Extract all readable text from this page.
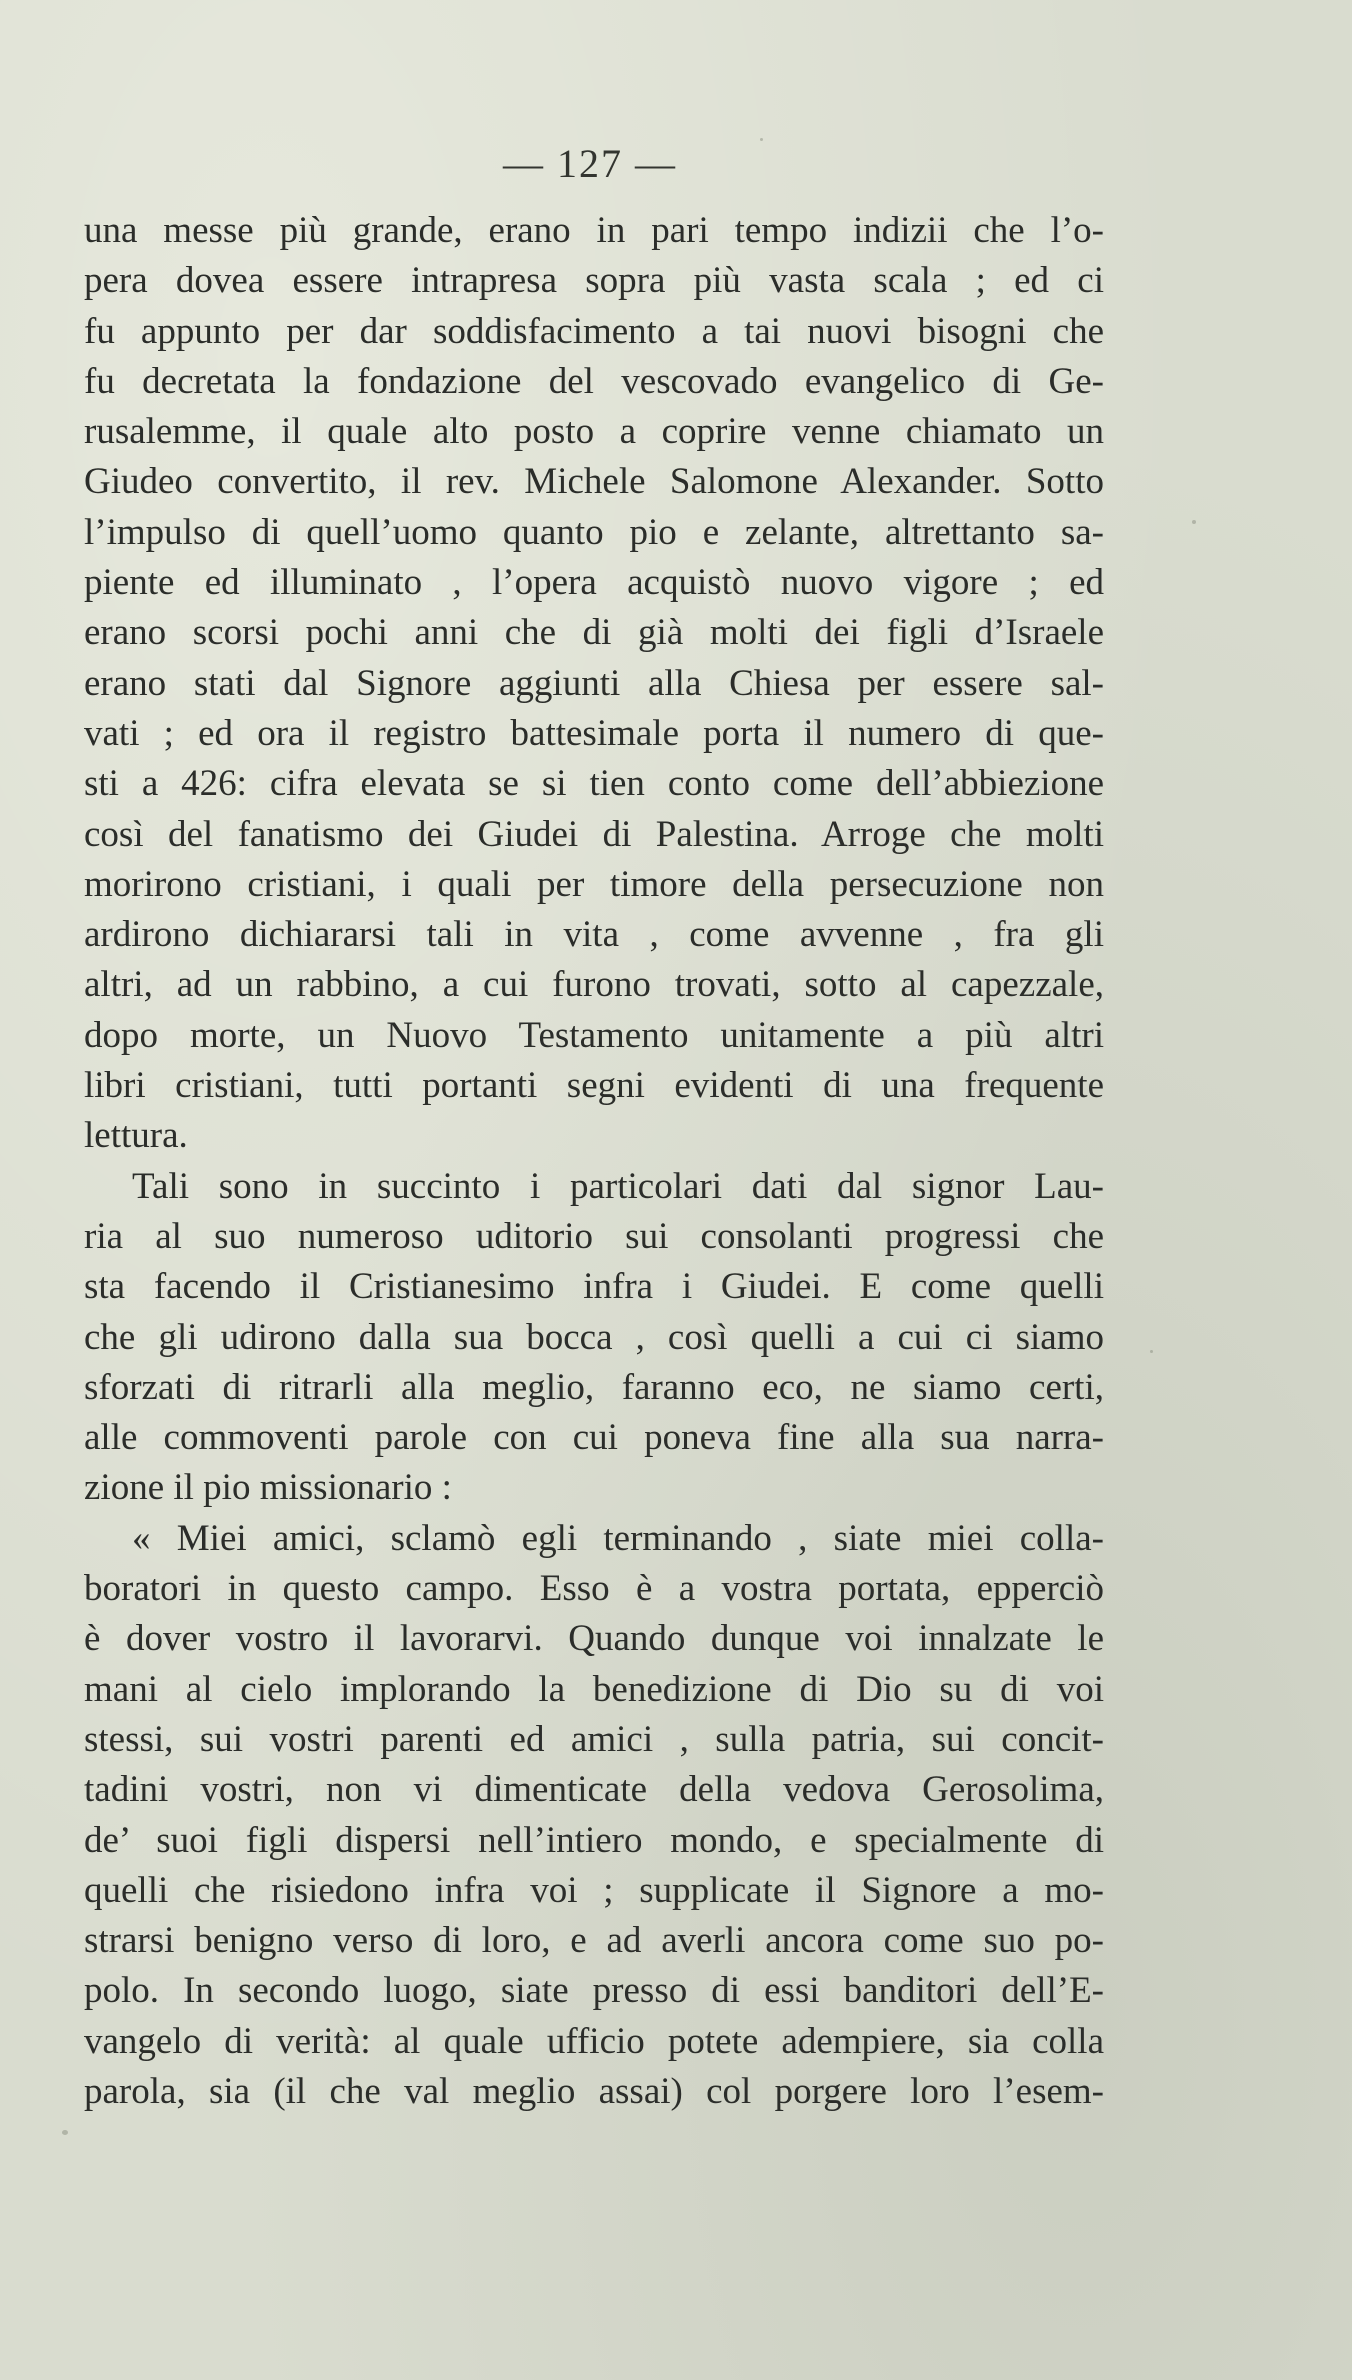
— 127 —
una messe più grande, erano in pari tempo indizii che l’o-
pera dovea essere intrapresa sopra più vasta scala ; ed ci
fu appunto per dar soddisfacimento a tai nuovi bisogni che
fu decretata la fondazione del vescovado evangelico di Ge-
rusalemme, il quale alto posto a coprire venne chiamato un
Giudeo convertito, il rev. Michele Salomone Alexander. Sotto
l’impulso di quell’uomo quanto pio e zelante, altrettanto sa-
piente ed illuminato , l’opera acquistò nuovo vigore ; ed
erano scorsi pochi anni che di già molti dei figli d’Israele
erano stati dal Signore aggiunti alla Chiesa per essere sal-
vati ; ed ora il registro battesimale porta il numero di que-
sti a 426: cifra elevata se si tien conto come dell’abbiezione
così del fanatismo dei Giudei di Palestina. Arroge che molti
morirono cristiani, i quali per timore della persecuzione non
ardirono dichiararsi tali in vita , come avvenne , fra gli
altri, ad un rabbino, a cui furono trovati, sotto al capezzale,
dopo morte, un Nuovo Testamento unitamente a più altri
libri cristiani, tutti portanti segni evidenti di una frequente
lettura.
Tali sono in succinto i particolari dati dal signor Lau-
ria al suo numeroso uditorio sui consolanti progressi che
sta facendo il Cristianesimo infra i Giudei. E come quelli
che gli udirono dalla sua bocca , così quelli a cui ci siamo
sforzati di ritrarli alla meglio, faranno eco, ne siamo certi,
alle commoventi parole con cui poneva fine alla sua narra-
zione il pio missionario :
« Miei amici, sclamò egli terminando , siate miei colla-
boratori in questo campo. Esso è a vostra portata, epperciò
è dover vostro il lavorarvi. Quando dunque voi innalzate le
mani al cielo implorando la benedizione di Dio su di voi
stessi, sui vostri parenti ed amici , sulla patria, sui concit-
tadini vostri, non vi dimenticate della vedova Gerosolima,
de’ suoi figli dispersi nell’intiero mondo, e specialmente di
quelli che risiedono infra voi ; supplicate il Signore a mo-
strarsi benigno verso di loro, e ad averli ancora come suo po-
polo. In secondo luogo, siate presso di essi banditori dell’E-
vangelo di verità: al quale ufficio potete adempiere, sia colla
parola, sia (il che val meglio assai) col porgere loro l’esem-
